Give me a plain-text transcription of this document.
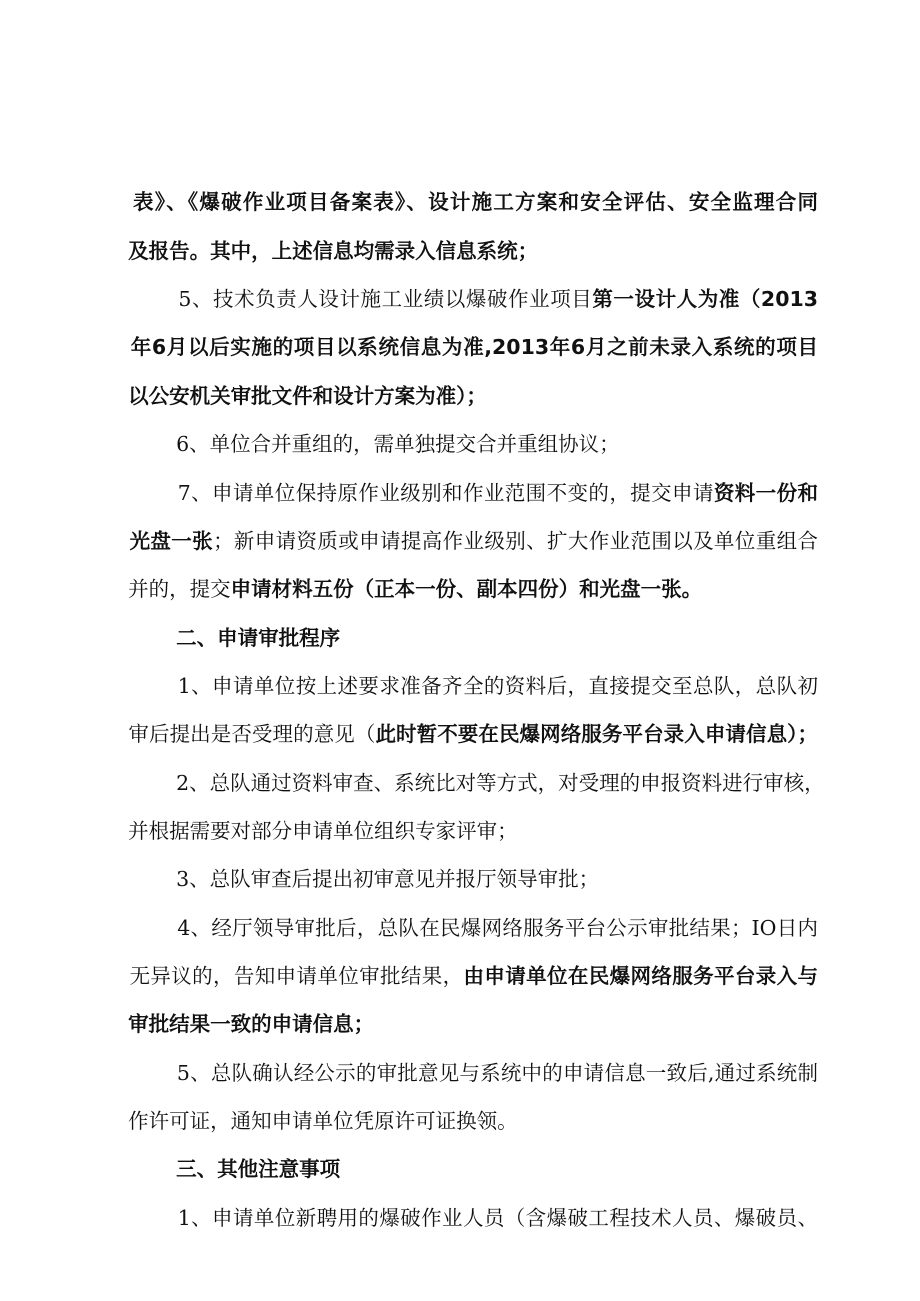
表》、《爆破作业项目备案表》、设计施工方案和安全评估、安全监理合同

及报告。其中，上述信息均需录入信息系统；

5、技术负责人设计施工业绩以爆破作业项目第一设计人为准（2013

年6月以后实施的项目以系统信息为准,2013年6月之前未录入系统的项目

以公安机关审批文件和设计方案为准）；

6、单位合并重组的，需单独提交合并重组协议；

7、申请单位保持原作业级别和作业范围不变的，提交申请资料一份和

光盘一张；新申请资质或申请提高作业级别、扩大作业范围以及单位重组合

并的，提交申请材料五份（正本一份、副本四份）和光盘一张。

二、申请审批程序

1、申请单位按上述要求准备齐全的资料后，直接提交至总队，总队初

审后提出是否受理的意见（此时暂不要在民爆网络服务平台录入申请信息）；

2、总队通过资料审查、系统比对等方式，对受理的申报资料进行审核，

并根据需要对部分申请单位组织专家评审；

3、总队审查后提出初审意见并报厅领导审批；

4、经厅领导审批后，总队在民爆网络服务平台公示审批结果；IO日内

无异议的，告知申请单位审批结果，由申请单位在民爆网络服务平台录入与

审批结果一致的申请信息；

5、总队确认经公示的审批意见与系统中的申请信息一致后,通过系统制

作许可证，通知申请单位凭原许可证换领。

三、其他注意事项

1、申请单位新聘用的爆破作业人员（含爆破工程技术人员、爆破员、
